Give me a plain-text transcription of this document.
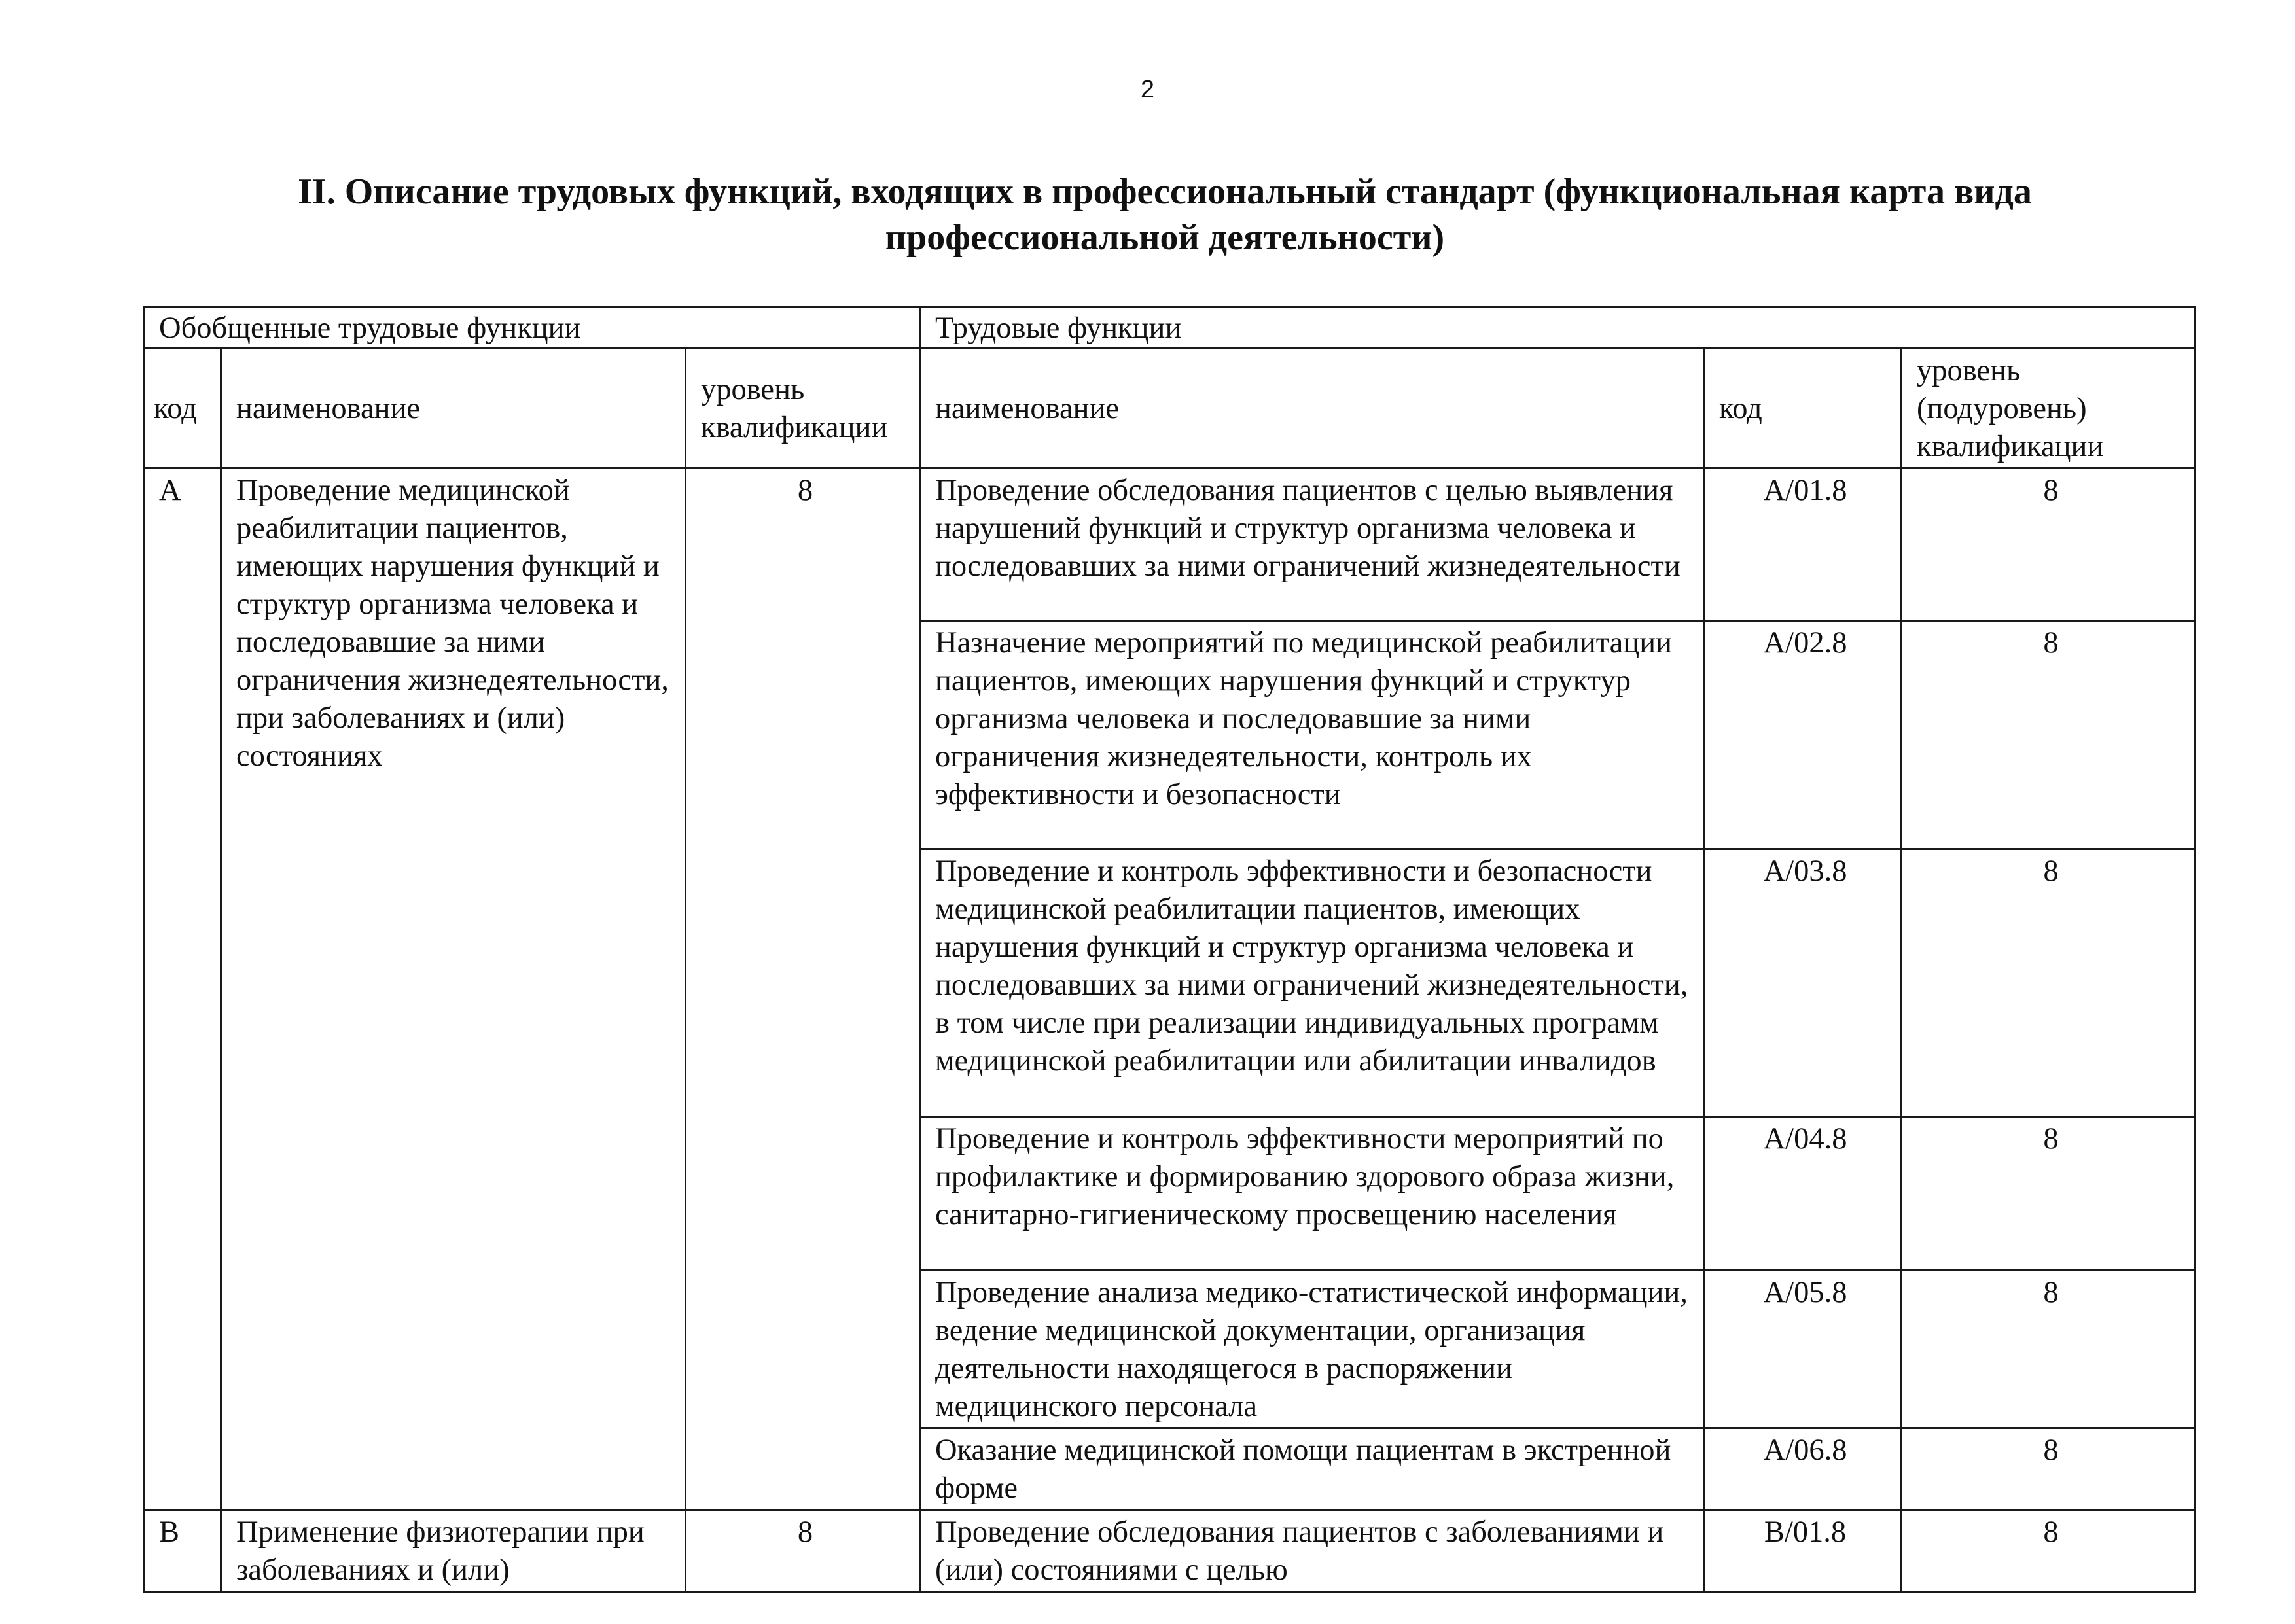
2
II. Описание трудовых функций, входящих в профессиональный стандарт (функциональная карта вида профессиональной деятельности)
Обобщенные трудовые функции			Трудовые функции		
код	наименование	уровень квалификации	наименование	код	уровень (подуровень) квалификации
A	Проведение медицинской реабилитации пациентов, имеющих нарушения функций и структур организма человека и последовавшие за ними ограничения жизнедеятельности, при заболеваниях и (или) состояниях	8	Проведение обследования пациентов с целью выявления нарушений функций и структур организма человека и последовавших за ними ограничений жизнедеятельности	A/01.8	8
			Назначение мероприятий по медицинской реабилитации пациентов, имеющих нарушения функций и структур организма человека и последовавшие за ними ограничения жизнедеятельности, контроль их эффективности и безопасности	A/02.8	8
			Проведение и контроль эффективности и безопасности медицинской реабилитации пациентов, имеющих нарушения функций и структур организма человека и последовавших за ними ограничений жизнедеятельности, в том числе при реализации индивидуальных программ медицинской реабилитации или абилитации инвалидов	A/03.8	8
			Проведение и контроль эффективности мероприятий по профилактике и формированию здорового образа жизни, санитарно-гигиеническому просвещению населения	A/04.8	8
			Проведение анализа медико-статистической информации, ведение медицинской документации, организация деятельности находящегося в распоряжении медицинского персонала	A/05.8	8
			Оказание медицинской помощи пациентам в экстренной форме	A/06.8	8
B	Применение физиотерапии при заболеваниях и (или)	8	Проведение обследования пациентов с заболеваниями и (или) состояниями с целью	B/01.8	8
